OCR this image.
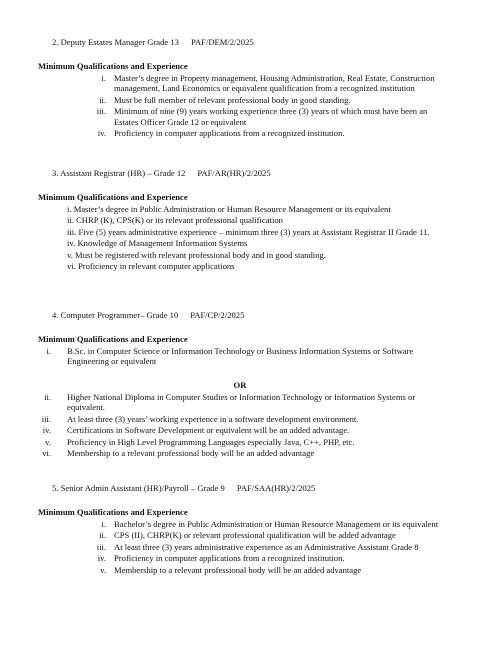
2. Deputy Estates Manager Grade 13 PAF/DEM/2/2025
Minimum Qualifications and Experience
i. Master’s degree in Property management, Housing Administration, Real Estate, Construction management, Land Economics or equivalent qualification from a recognized institution
ii. Must be full member of relevant professional body in good standing.
iii. Minimum of nine (9) years working experience three (3) years of which must have been an Estates Officer Grade 12 or equivalent
iv. Proficiency in computer applications from a recognized institution.
3. Assistant Registrar (HR) – Grade 12 PAF/AR(HR)/2/2025
Minimum Qualifications and Experience
i. Master’s degree in Public Administration or Human Resource Management or its equivalent
ii. CHRP (K), CPS(K) or its relevant professional qualification
iii. Five (5) years administrative experience – minimum three (3) years at Assistant Registrar II Grade 11.
iv. Knowledge of Management Information Systems
v. Must be registered with relevant professional body and in good standing.
vi. Proficiency in relevant computer applications
4. Computer Programmer– Grade 10 PAF/CP/2/2025
Minimum Qualifications and Experience
i. B.Sc. in Computer Science or Information Technology or Business Information Systems or Software Engineering or equivalent
OR
ii. Higher National Diploma in Computer Studies or Information Technology or Information Systems or equivalent.
iii. At least three (3) years’ working experience in a software development environment.
iv. Certifications in Software Development or equivalent will be an added advantage.
v. Proficiency in High Level Programming Languages especially Java, C++, PHP, etc.
vi. Membership to a relevant professional body will be an added advantage
5. Senior Admin Assistant (HR)/Payroll – Grade 9 PAF/SAA(HR)/2/2025
Minimum Qualifications and Experience
i. Bachelor’s degree in Public Administration or Human Resource Management or its equivalent
ii. CPS (II), CHRP(K) or relevant professional qualification will be added advantage
iii. At least three (3) years administrative experience as an Administrative Assistant Grade 8
iv. Proficiency in computer applications from a recognized institution.
v. Membership to a relevant professional body will be an added advantage
